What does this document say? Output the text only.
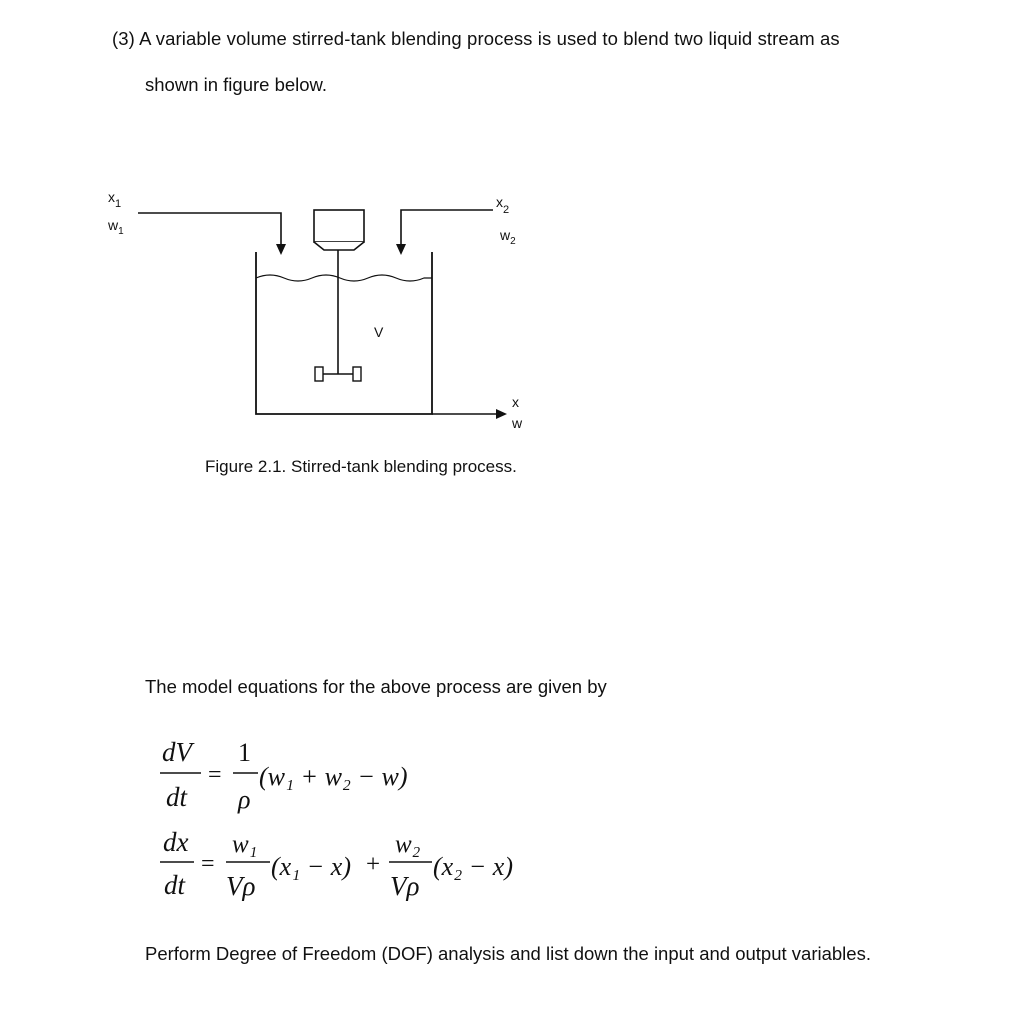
(3) A variable volume stirred-tank blending process is used to blend two liquid stream as
shown in figure below.
$x_1$
$w_1$
$x_2$
$w_2$
V
x
w
Figure 2.1. Stirred-tank blending process.
dV
dt
=
1
ρ
(w₁ + w₂ − w)
dx
dt
=
w₁
Vρ
(x₁ − x) +
w₂
Vρ
(x₂ − x)
The model equations for the above process are given by
Perform Degree of Freedom (DOF) analysis and list down the input and output variables.
